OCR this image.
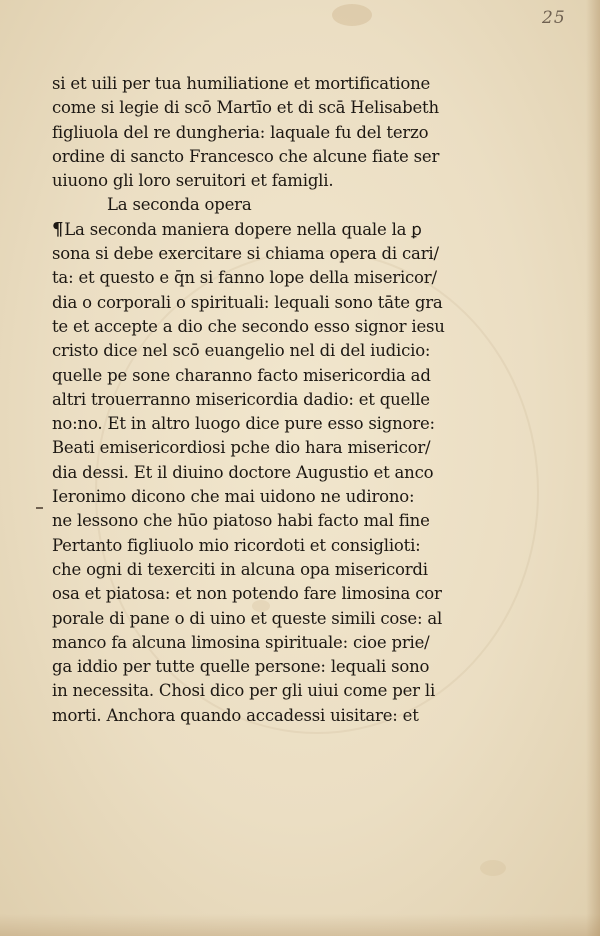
25
si et uili per tua humiliatione et mortificatione
come si legie di scō Martīo et di scā Helisabeth
figliuola del re dungheria: laquale fu del terzo
ordine di sancto Francesco che alcune fiate ser
uiuono gli loro seruitori et famigli.
La seconda opera
¶La seconda maniera dopere nella quale la ꝑ
sona si debe exercitare si chiama opera di cari/
ta: et questo e q̄n si fanno lope della misericor/
dia o corporali o spirituali: lequali sono tāte gra
te et accepte a dio che secondo esso signor iesu
cristo dice nel scō euangelio nel di del iudicio:
quelle pe sone charanno facto misericordia ad
altri trouerranno misericordia dadio: et quelle
no:no. Et in altro luogo dice pure esso signore:
Beati emisericordiosi pche dio hara misericor/
dia dessi. Et il diuino doctore Augustio et anco
Ieronimo dicono che mai uidono ne udirono:
ne lessono che hūo piatoso habi facto mal fine
Pertanto figliuolo mio ricordoti et consiglioti:
che ogni di texerciti in alcuna opa misericordi
osa et piatosa: et non potendo fare limosina cor
porale di pane o di uino et queste simili cose: al
manco fa alcuna limosina spirituale: cioe prie/
ga iddio per tutte quelle persone: lequali sono
in necessita. Chosi dico per gli uiui come per li
morti. Anchora quando accadessi uisitare: et
